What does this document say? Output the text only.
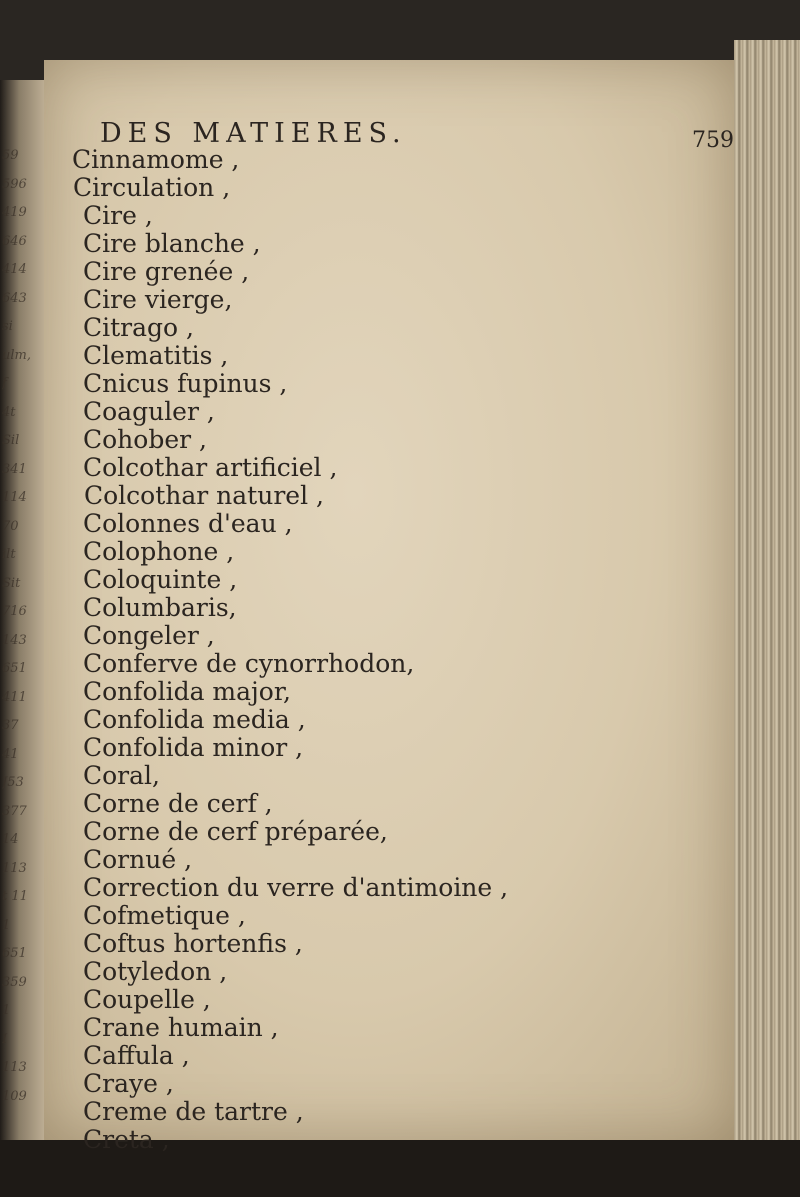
59
596
419
646
414
643
si
ulm,
f
4t
Sil
341
114
70
ilt
Sit
716
143
651
411
37
41
J53
377
14
113
t 11
1
651
359
1
I
113
109
DES MATIERES.	759
Cinnamome ,
Circulation ,
Cire ,
Cire blanche ,
Cire grenée ,
Cire vierge,
Citrago ,
Clematitis ,
Cnicus fupinus ,
Coaguler ,
Cohober ,
Colcothar artificiel ,
Colcothar naturel ,
Colonnes d'eau ,
Colophone ,
Coloquinte ,
Columbaris,
Congeler ,
Conferve de cynorrhodon,
Confolida major,
Confolida media ,
Confolida minor ,
Coral,
Corne de cerf ,
Corne de cerf préparée,
Cornué ,
Correction du verre d'antimoine ,
Cofmetique ,
Coftus hortenfis ,
Cotyledon ,
Coupelle ,
Crane humain ,
Caffula ,
Craye ,
Creme de tartre ,
Creta ,
